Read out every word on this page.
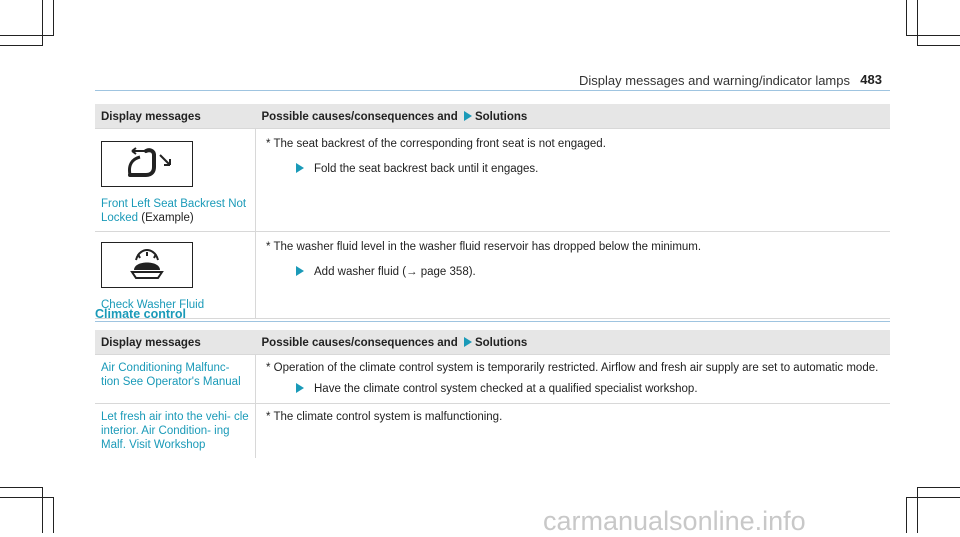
Display messages and warning/indicator lamps 483
Display messages	Possible causes/consequences and Solutions

Front Left Seat Backrest Not Locked (Example)	* The seat backrest of the corresponding front seat is not engaged.
Fold the seat backrest back until it engages.

Check Washer Fluid	* The washer fluid level in the washer fluid reservoir has dropped below the minimum.
Add washer fluid (→ page 358).
Climate control
Display messages	Possible causes/consequences and Solutions

Air Conditioning Malfunc- tion See Operator's Manual	* Operation of the climate control system is temporarily restricted. Airflow and fresh air supply are set to automatic mode.
Have the climate control system checked at a qualified specialist workshop.

Let fresh air into the vehi- cle interior. Air Condition- ing Malf. Visit Workshop	* The climate control system is malfunctioning.
carmanualsonline.info
